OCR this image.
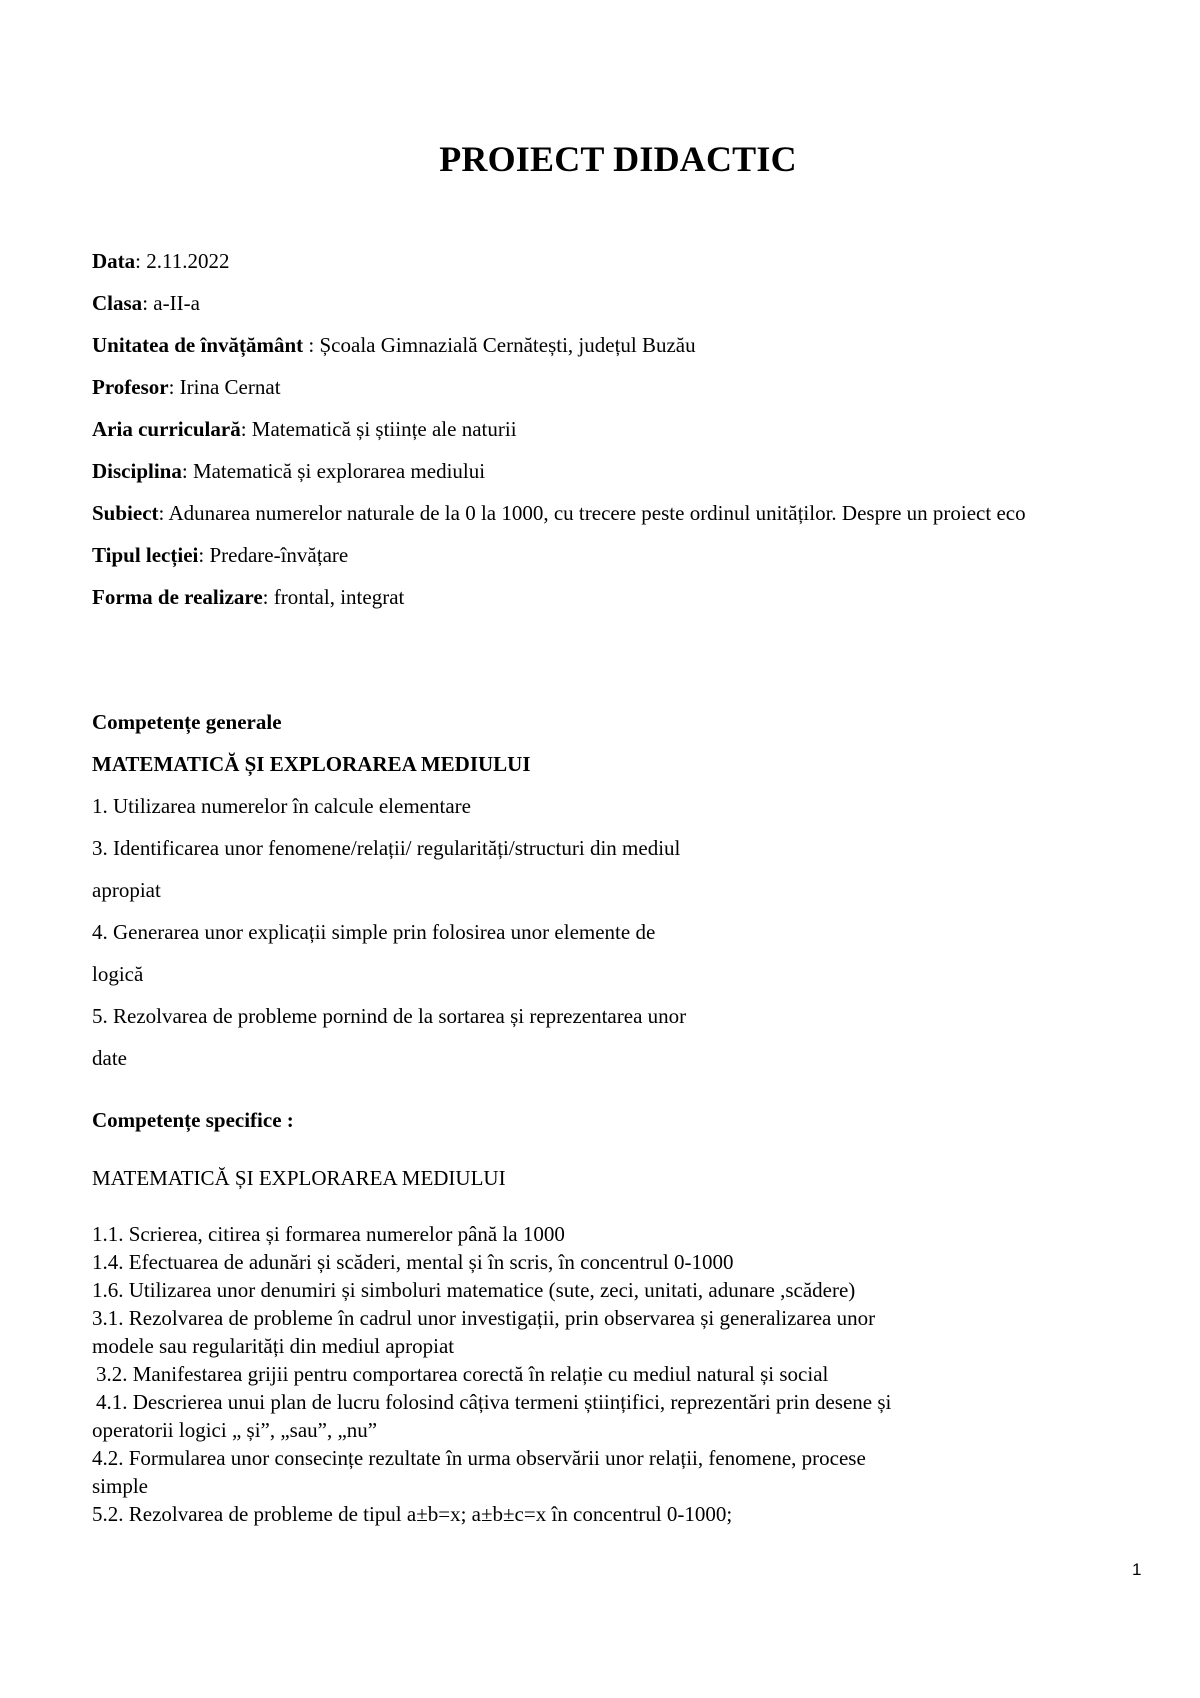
PROIECT DIDACTIC

Data: 2.11.2022

Clasa: a-II-a

Unitatea de învățământ : Școala Gimnazială Cernătești, județul Buzău

Profesor: Irina Cernat

Aria curriculară: Matematică și științe ale naturii

Disciplina: Matematică și explorarea mediului

Subiect: Adunarea numerelor naturale de la 0 la 1000, cu trecere peste ordinul unităților. Despre un proiect eco

Tipul lecției: Predare-învățare

Forma de realizare: frontal, integrat

Competențe generale

MATEMATICĂ ȘI EXPLORAREA MEDIULUI

1. Utilizarea numerelor în calcule elementare

3. Identificarea unor fenomene/relații/ regularități/structuri din mediul

apropiat

4. Generarea unor explicații simple prin folosirea unor elemente de

logică

5. Rezolvarea de probleme pornind de la sortarea și reprezentarea unor

date

Competențe specifice :

MATEMATICĂ ȘI EXPLORAREA MEDIULUI

1.1. Scrierea, citirea și formarea numerelor până la 1000

1.4. Efectuarea de adunări și scăderi, mental și în scris, în concentrul 0-1000

1.6. Utilizarea unor denumiri și simboluri matematice (sute, zeci, unitati, adunare ,scădere)

3.1. Rezolvarea de probleme în cadrul unor investigații, prin observarea și generalizarea unor

modele sau regularități din mediul apropiat

3.2. Manifestarea grijii pentru comportarea corectă în relație cu mediul natural și social

4.1. Descrierea unui plan de lucru folosind câțiva termeni științifici, reprezentări prin desene și

operatorii logici „ și”, „sau”, „nu”

4.2. Formularea unor consecințe rezultate în urma observării unor relații, fenomene, procese

simple

5.2. Rezolvarea de probleme de tipul a±b=x; a±b±c=x în concentrul 0-1000;

1
